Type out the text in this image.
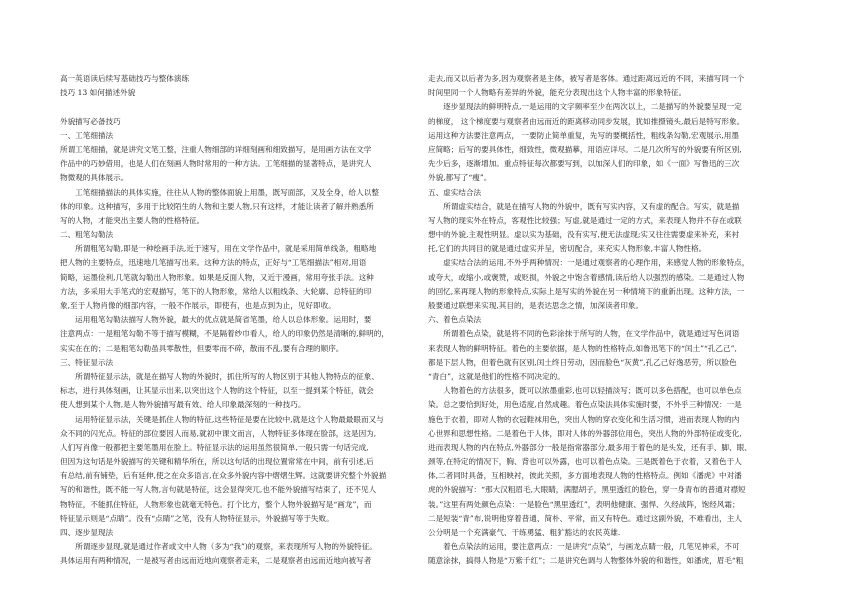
高一英语读后续写基础技巧与整体演练
技巧 13 如何描述外貌
外貌描写必备技巧
一、工笔细描法
所谓工笔细描，就是讲究文笔工整，注重人物细部的详细刻画和细致描写，是用画方法在文学
作品中的巧妙借用，也是人们在刻画人物时常用的一种方法。工笔细描的显著特点，是讲究人
物微观的具体展示。
　　工笔细描描法的具体实施，往往从人物的整体面貌上用墨，既写面部，又及全身，给人以整
体的印象。这种描写，多用于比较陌生的人物和主要人物,只有这样，才能让读者了解并熟悉所
写的人物，才能突出主要人物的性格特征。
二、粗笔勾勒法
　　所谓粗笔勾勒,即是一种绘画手法,近于速写，用在文学作品中，就是采用简单线条，粗略地
把人物的主要特点，迅速地几笔描写出来。这种方法的特点，正好与“工笔细描法”相对,用语
简略，运墨俭利,几笔就勾勒出人物形象。如果是反面人物，又近于漫画，常用夸张手法。这种
方法，多采用大手笔式的宏观描写，笔下的人物形象，常给人以粗线条、大轮廓、总特征的印
象,至于人物肖像的细部内容，一般不作展示，即使有，也是点到为止，见好即收。
　　运用粗笔勾勒法描写人物外貌，最大的优点就是简省笔墨，给人以总体形象。运用时，要
注意两点：一是粗笔勾勒不等于描写模糊，不是隔着纱巾看人，给人的印象仍然是清晰的,鲜明的，
实实在在的；二是粗笔勾勒虽具零散性，但要零而不碎，散而不乱,要有合理的顺序。
三、特征显示法
　　所谓特征显示法，就是在描写人物的外貌时，抓住所写的人物区别于其他人物特点的征象、
标志，进行具体刻画，让其显示出来,以突出这个人物的这个特征，以至一提到某个特征，就会
使人想到某个人物,是人物外貌描写最有效、给人印象最深刻的一种技巧。
　　运用特征显示法，关键是抓住人物的特征,这些特征是要在比较中,就是这个人物最最眼而又与
众不同的闪光点。特征的部位要因人而易,就初中课文而言，人物特征多体现在脸部，这是因为,
人们写肖像一般都把主要笔墨用在脸上。特征显示法的运用虽然很简单,一般只需一句话完成,
但因为这句话是外貌描写的关键和精华所在，所以这句话的出现位置常常在中间，前有引述,后
有总结,前有铺垫，后有延伸,使之在众多语言,在众多外貌内容中熠熠生辉。这就要讲究整个外貌描
写的和谐性，既不能一写人物,言句就是特征，这会显得突兀,也不能外貌描写结束了，还不见人
物特征，不能抓住特征，人物形象也就毫无特色。打个比方，整个人物外貌描写是“画龙”，而
特征显示则是“点睛”。没有“点睛”之笔，没有人物特征显示，外貌描写等于失败。
四、逐步显现法
　　所谓逐步显现,就是通过作者或文中人物（多为“我”)的观察，来表现所写人物的外貌特征。
具体运用有两种情况，一是被写者由远而近地向观察者走来，二是观察者由远而近地向被写者
走去,而又以后者为多,因为观察者是主体，被写者是客体。通过距离远近的不同，来描写同一个
时间里同一个人物略有差异的外貌，能充分表现出这个人物丰富的形象特征。
　　逐步显现法的鲜明特点,一是运用的文字频率至少在两次以上，二是描写的外貌要呈现一定
的梯度， 这个梯度要与观察者由远而近的距离移动同步发展，犹如推摄镜头,最后是特写形象。
运用这种方法要注意两点， 一要防止简单重复，先写的要概括性，粗线条勾勒,宏观展示,用墨
应简略；后写的要具体性，细致性，微观描摹，用语应详尽。二是几次所写的外貌要有所区别,
先少后多，逐渐增加。重点特征每次都要写到，以加深人们的印象，如《一面》写鲁迅的三次
外貌,都写了“瘦”。
五、虚实结合法
　　所谓虚实结合，就是在描写人物的外貌中，既有写实内容，又有虚的配合。写实，就是描
写人物的现实外在特点，客观性比较强；写虚,就是通过一定的方式，来表现人物并不存在或联
想中的外貌,主观性明显。虚以实为基础，没有实写,便无法虚现;实又往往需要虚来补充，来衬
托,它们的共同目的就是通过虚实并呈，密切配合，来充实人物形象,丰富人物性格。
　　虚实结合法的运用,不外乎两种情况：一是通过观察者的心理作用，来感觉人物的形象特点，
或夸大，或缩小,或褒赞，或贬损，外貌之中饱含着感情,读后给人以强烈的感染。二是通过人物
的回忆,来再现人物的形象特点,实际上是写实的外貌在另一种情境下的重新出现。这种方法，一
般要通过联想来实现,其目的，是表达思念之情，加深读者印象。
六、着色点染法
　　所谓着色点染，就是将不同的色彩涂抹于所写的人物，在文学作品中，就是通过写色词语
来表现人物的鲜明特征。着色的主要依据，是人物的性格特点,如鲁迅笔下的“闰土”“孔乙己”,
都是下层人物，但着色就有区别,闰土终日劳动，因而脸色“灰黄”,孔乙己好逸恶劳，所以脸色
“青白”，这就是他们的性格不同决定的。
　　人物着色的方法很多，既可以浓墨重彩,也可以轻描淡写；既可以多色搭配，也可以单色点
染。总之要恰到好处，用色适度,自然成趣。着色点染法具体实施时要，不外乎三种情况：一是
施色于衣着，即对人物的衣冠鞋袜用色，突出人物的穿衣变化和生活习惯，进而表现人物的内
心世界和思想性格。二是着色于人体，即对人体的外器部位用色，突出人物的外部特征或变化,
进而表现人物的内在特点,外器部分一般是指常器部分,最多用于着色的是头发，还有手、脚、眼、
颈等,在特定的情况下，胸、背也可以外露，也可以着色点染。三是既着色于衣着，又着色于人
体,二者同时具备，互相映衬，彼此关照，多方面地表现人物的性格特点。例如《潘虎》中对潘
虎的外貌描写：“那大汉粗眉毛,大眼睛，满腮胡子，黑里透红的脸色，穿一身青布的普通对襟短
装。”这里有两处颜色点染：一是脸色“黑里透红”，表明他健康、强悍、久经战阵，饱经风霜；
二是短装“青”布,说明他穿着普通、简朴、平常，而又有特色。通过这副外貌，不难看出，主人
公分明是一个充满豪气、干练勇猛、粗犷豁达的农民英雄.
　　着色点染法的运用，要注意两点：一是讲究“点染”，与画龙点睛一般，几笔见神采，不可
随意涂抹，搞得人物是“万紫千红”；二是讲究色调与人物整体外貌的和谐性，如潘虎，眉毛“粗
